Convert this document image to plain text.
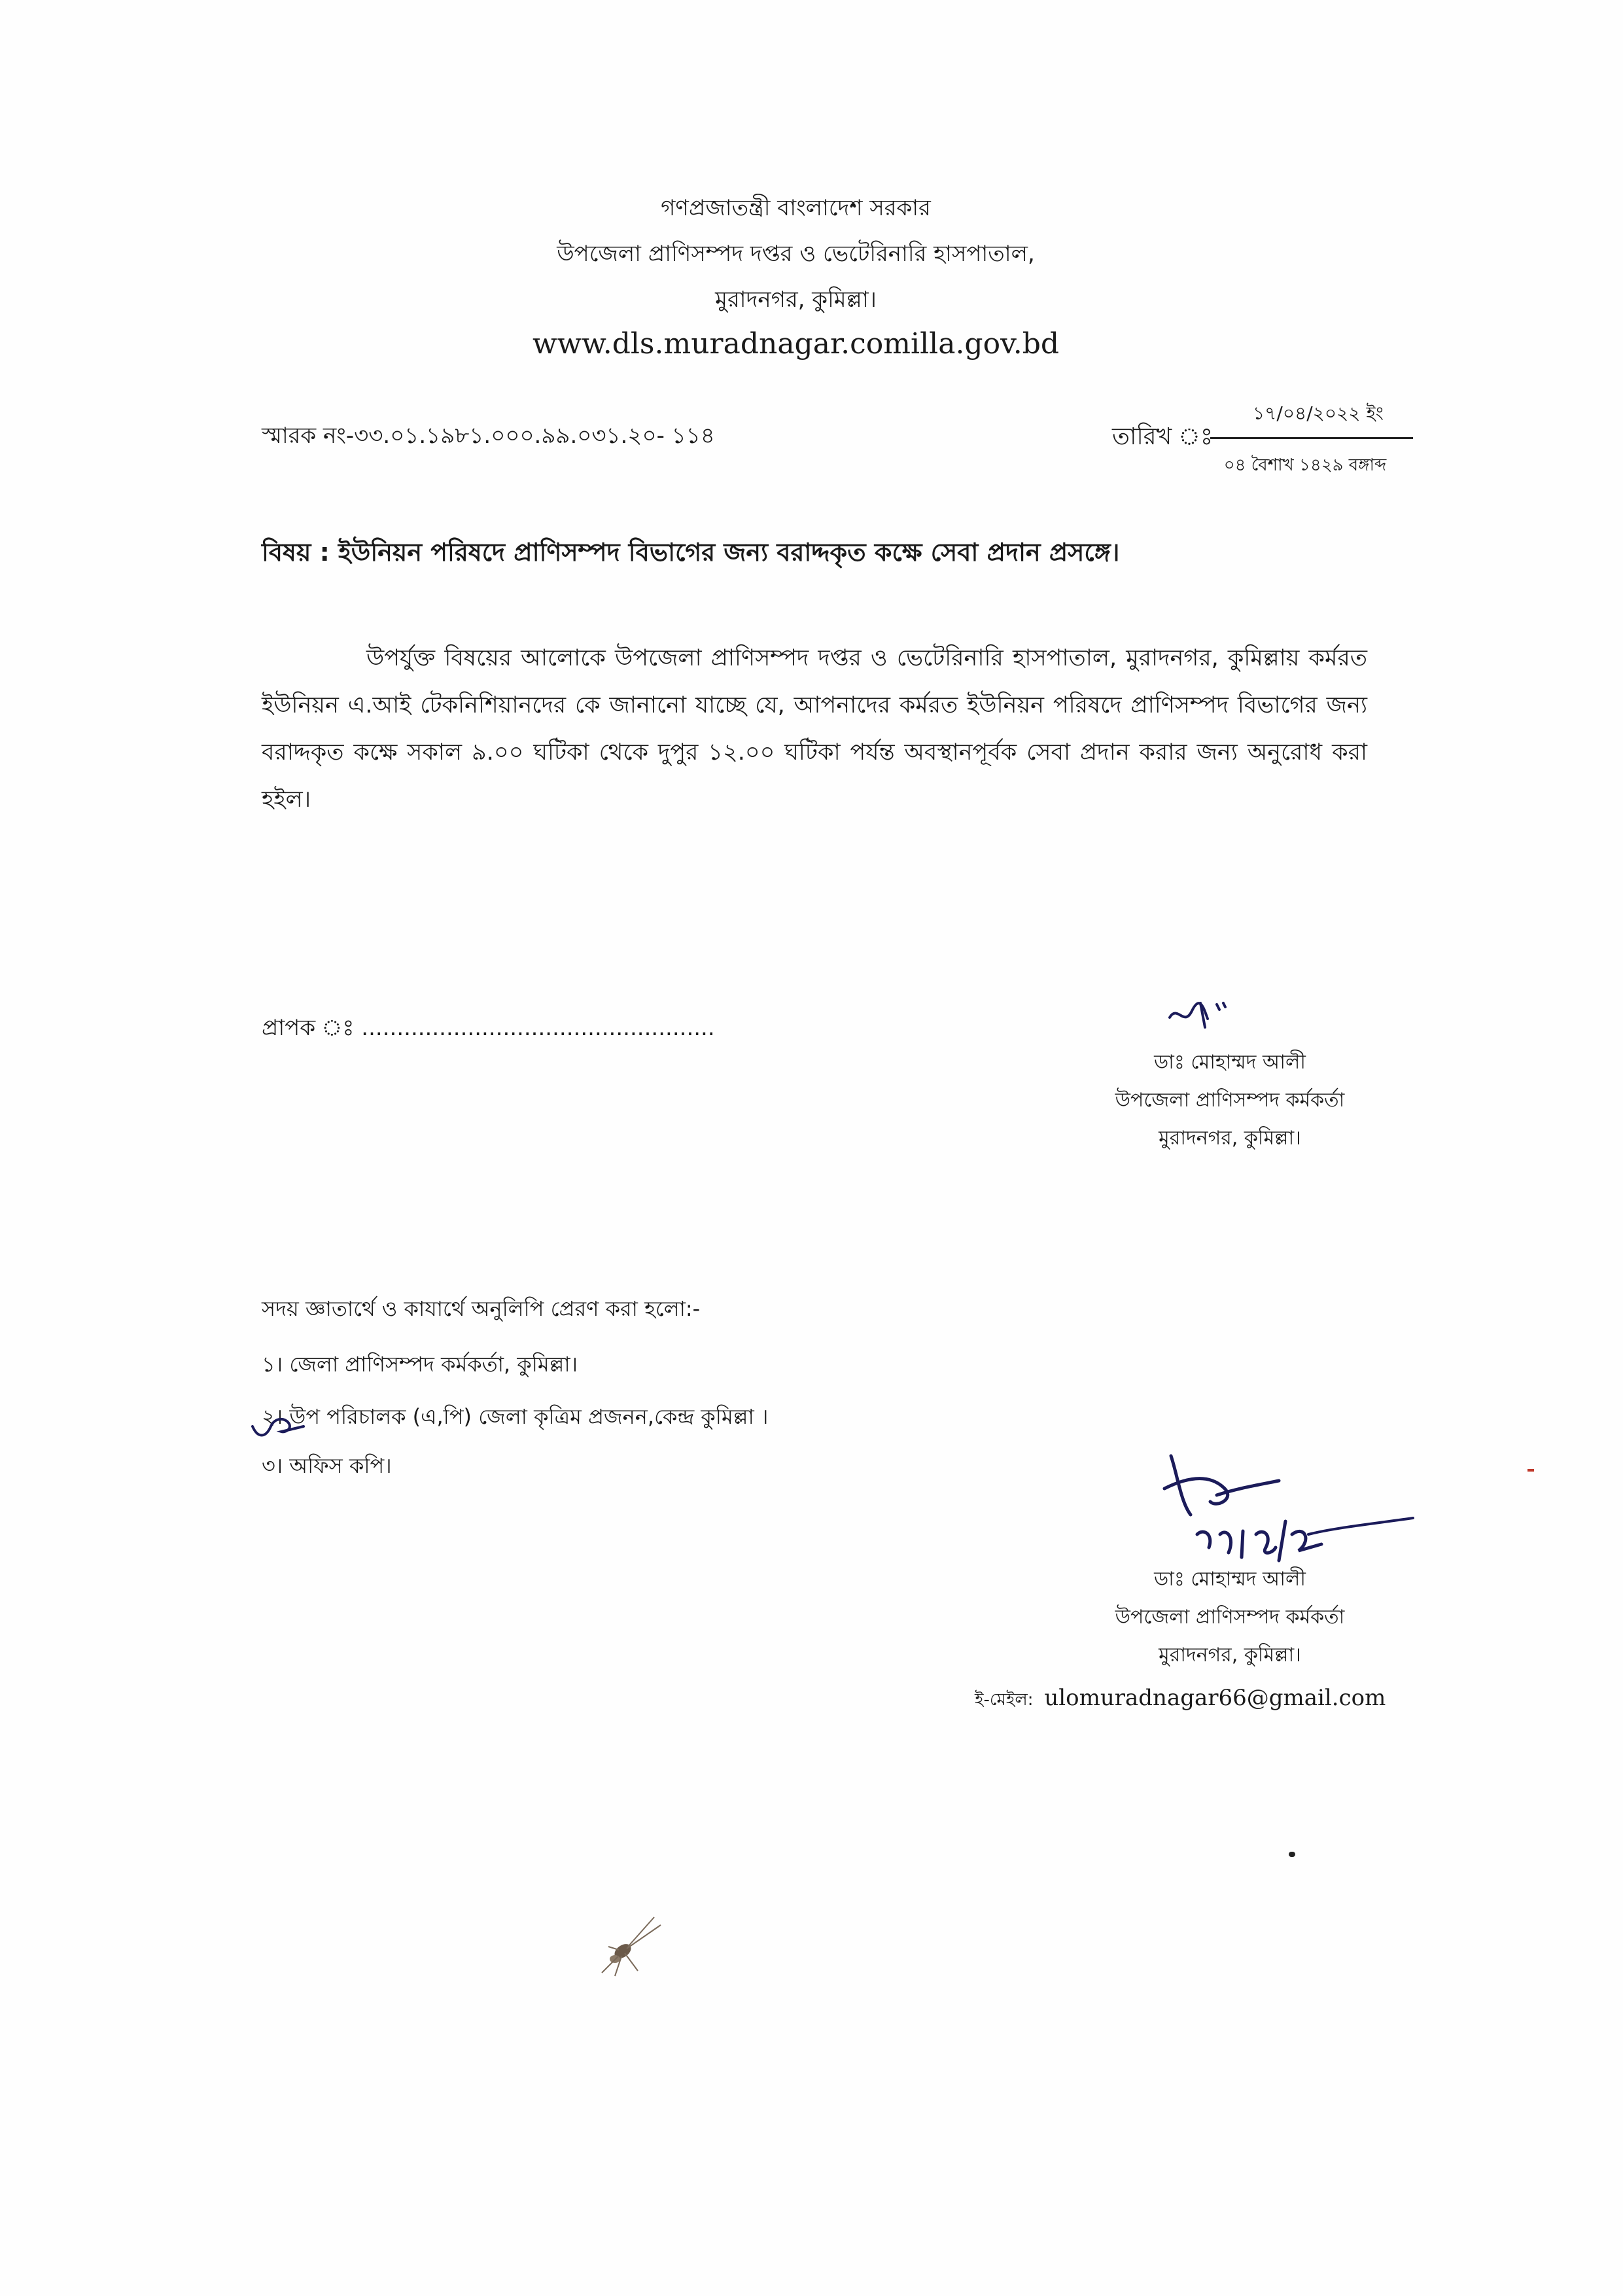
গণপ্রজাতন্ত্রী বাংলাদেশ সরকার
উপজেলা প্রাণিসম্পদ দপ্তর ও ভেটেরিনারি হাসপাতাল,
মুরাদনগর, কুমিল্লা।
www.dls.muradnagar.comilla.gov.bd
স্মারক নং-৩৩.০১.১৯৮১.০০০.৯৯.০৩১.২০- ১১৪	তারিখ ঃ
১৭/০৪/২০২২ ইং
০৪ বৈশাখ ১৪২৯ বঙ্গাব্দ
বিষয় : ইউনিয়ন পরিষদে প্রাণিসম্পদ বিভাগের জন্য বরাদ্দকৃত কক্ষে সেবা প্রদান প্রসঙ্গে।
উপর্যুক্ত বিষয়ের আলোকে উপজেলা প্রাণিসম্পদ দপ্তর ও ভেটেরিনারি হাসপাতাল, মুরাদনগর, কুমিল্লায় কর্মরত ইউনিয়ন এ.আই টেকনিশিয়ানদের কে জানানো যাচ্ছে যে, আপনাদের কর্মরত ইউনিয়ন পরিষদে প্রাণিসম্পদ বিভাগের জন্য বরাদ্দকৃত কক্ষে সকাল ৯.০০ ঘটিকা থেকে দুপুর ১২.০০ ঘটিকা পর্যন্ত অবস্থানপূর্বক সেবা প্রদান করার জন্য অনুরোধ করা হইল।
প্রাপক ঃ ..................................................
ডাঃ মোহাম্মদ আলী
উপজেলা প্রাণিসম্পদ কর্মকর্তা
মুরাদনগর, কুমিল্লা।
সদয় জ্ঞাতার্থে ও কাযার্থে অনুলিপি প্রেরণ করা হলো:-
১। জেলা প্রাণিসম্পদ কর্মকর্তা, কুমিল্লা।
২। উপ পরিচালক (এ,পি) জেলা কৃত্রিম প্রজনন,কেন্দ্র কুমিল্লা ।
৩। অফিস কপি।
ডাঃ মোহাম্মদ আলী
উপজেলা প্রাণিসম্পদ কর্মকর্তা
মুরাদনগর, কুমিল্লা।
ই-মেইল: ulomuradnagar66@gmail.com
